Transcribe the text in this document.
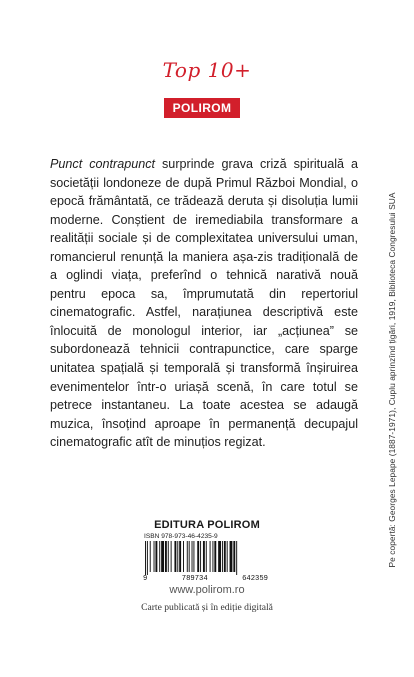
Top 10+
POLIROM
Punct contrapunct surprinde grava criză spirituală a societății londoneze de după Primul Război Mondial, o epocă frământată, ce trădează deruta și disoluția lumii moderne. Conștient de iremediabila transformare a realității sociale și de complexitatea universului uman, romancierul renunță la maniera așa-zis tradițională de a oglindi viața, preferînd o tehnică narativă nouă pentru epoca sa, împrumutată din repertoriul cinematografic. Astfel, narațiunea descriptivă este înlocuită de monologul interior, iar „acțiunea” se subordonează tehnicii contrapunctice, care sparge unitatea spațială și temporală și transformă înșiruirea evenimentelor într-o uriașă scenă, în care totul se petrece instantaneu. La toate acestea se adaugă muzica, însoțind aproape în permanență decupajul cinematografic atît de minuțios regizat.	Pe copertă: Georges Lepape (1887-1971), Cuplu aprinzînd țigări, 1919, Biblioteca Congresului SUA
EDITURA POLIROM
ISBN 978-973-46-4235-9
9	789734	642359
www.polirom.ro
Carte publicată și în ediție digitală
